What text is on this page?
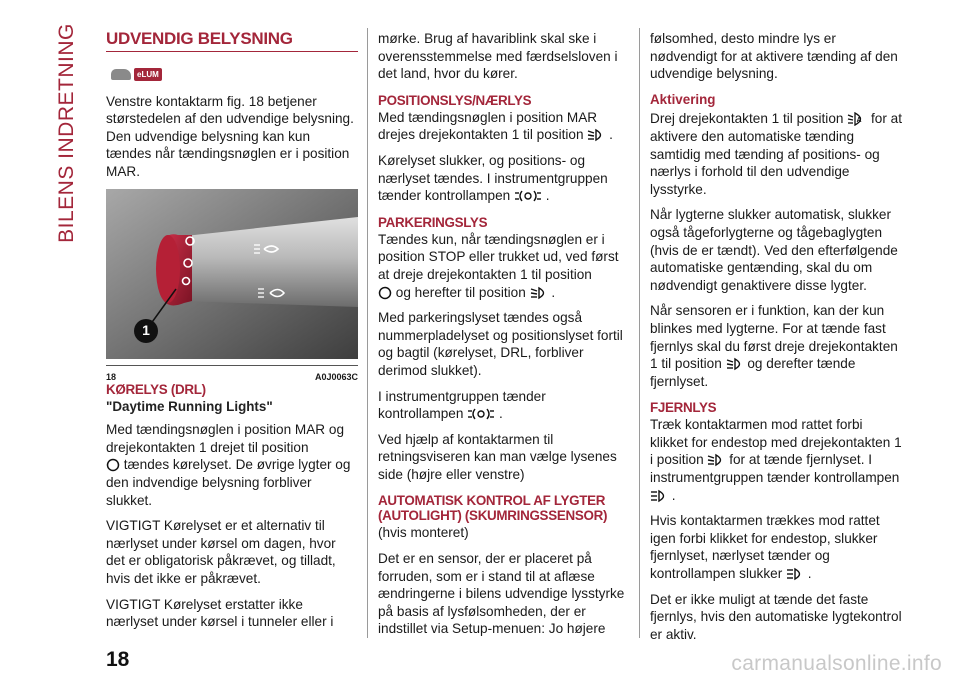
BILENS INDRETNING UDVENDIG BELYSNING
eLUM

Venstre kontaktarm fig. 18 betjener størstedelen af den udvendige belysning. Den udvendige belysning kan kun tændes når tændingsnøglen er i position MAR.

1
18	A0J0063C
KØRELYS (DRL)
"Daytime Running Lights"

Med tændingsnøglen i position MAR og drejekontakten 1 drejet til position
tændes kørelyset. De øvrige lygter og den indvendige belysning forbliver slukket.

VIGTIGT Kørelyset er et alternativ til nærlyset under kørsel om dagen, hvor det er obligatorisk påkrævet, og tilladt, hvis det ikke er påkrævet.

VIGTIGT Kørelyset erstatter ikke nærlyset under kørsel i tunneler eller i

mørke. Brug af havariblink skal ske i overensstemmelse med færdselsloven i det land, hvor du kører.

POSITIONSLYS/NÆRLYS

Med tændingsnøglen i position MAR drejes drejekontakten 1 til position .

Kørelyset slukker, og positions- og nærlyset tændes. I instrumentgruppen tænder kontrollampen	.

PARKERINGSLYS

Tændes kun, når tændingsnøglen er i position STOP eller trukket ud, ved først at dreje drejekontakten 1 til position
og herefter til position .

Med parkeringslyset tændes også nummerpladelyset og positionslyset fortil og bagtil (kørelyset, DRL, forbliver derimod slukket).

I instrumentgruppen tænder kontrollampen	.

Ved hjælp af kontaktarmen til retningsviseren kan man vælge lysenes side (højre eller venstre)

AUTOMATISK KONTROL AF LYGTER (AUTOLIGHT) (SKUMRINGSSENSOR)

(hvis monteret)

Det er en sensor, der er placeret på forruden, som er i stand til at aflæse ændringerne i bilens udvendige lysstyrke på basis af lysfølsomheden, der er indstillet via Setup-menuen: Jo højere

følsomhed, desto mindre lys er nødvendigt for at aktivere tænding af den udvendige belysning.

Aktivering

Drej drejekontakten 1 til position A for at aktivere den automatiske tænding samtidig med tænding af positions- og nærlys i forhold til den udvendige lysstyrke.

Når lygterne slukker automatisk, slukker også tågeforlygterne og tågebaglygten (hvis de er tændt). Ved den efterfølgende automatiske gentænding, skal du om nødvendigt genaktivere disse lygter.

Når sensoren er i funktion, kan der kun blinkes med lygterne. For at tænde fast fjernlys skal du først dreje drejekontakten 1 til position og derefter tænde fjernlyset.

FJERNLYS

Træk kontaktarmen mod rattet forbi klikket for endestop med drejekontakten 1 i position for at tænde fjernlyset. I instrumentgruppen tænder kontrollampen  .

Hvis kontaktarmen trækkes mod rattet igen forbi klikket for endestop, slukker fjernlyset, nærlyset tænder og kontrollampen slukker .

Det er ikke muligt at tænde det faste fjernlys, hvis den automatiske lygtekontrol er aktiv.

18	carmanualsonline.info
